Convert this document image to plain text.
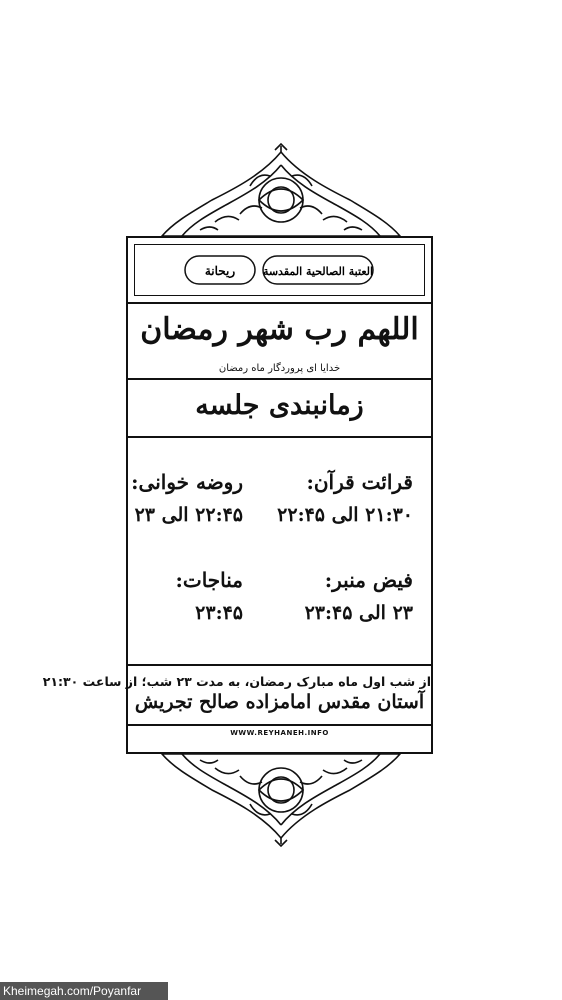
العتبة الصالحية المقدسة
ريحانة
اللهم رب شهر رمضان
خدایا ای پروردگار ماه رمضان
زمانبندی جلسه
قرائت قرآن:
۲۱:۳۰ الی ۲۲:۴۵
روضه خوانی:
۲۲:۴۵ الی ۲۳
فیض منبر:
۲۳ الی ۲۳:۴۵
مناجات:
۲۳:۴۵
از شب اول ماه مبارک رمضان، به مدت ۲۳ شب؛ از ساعت ۲۱:۳۰
آستان مقدس امامزاده صالح تجریش
WWW.REYHANEH.INFO
Kheimegah.com/Poyanfar
